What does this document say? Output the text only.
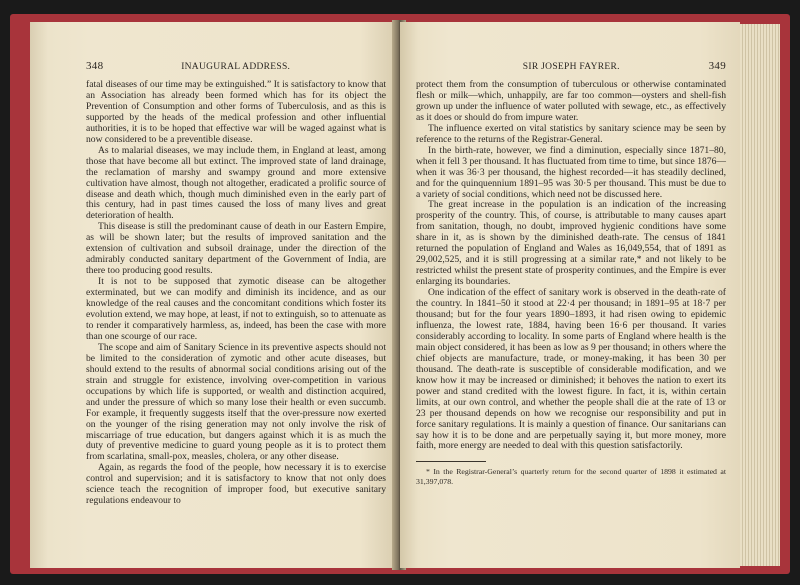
348	INAUGURAL ADDRESS.

fatal diseases of our time may be extinguished.” It is satisfactory to know that an Association has already been formed which has for its object the Prevention of Consumption and other forms of Tuberculosis, and as this is supported by the heads of the medical profession and other influential authorities, it is to be hoped that effective war will be waged against what is now considered to be a preventible disease.

As to malarial diseases, we may include them, in England at least, among those that have become all but extinct. The improved state of land drainage, the reclamation of marshy and swampy ground and more extensive cultivation have almost, though not altogether, eradicated a prolific source of disease and death which, though much diminished even in the early part of this century, had in past times caused the loss of many lives and great deterioration of health.

This disease is still the predominant cause of death in our Eastern Empire, as will be shown later; but the results of improved sanitation and the extension of cultivation and subsoil drainage, under the direction of the admirably conducted sanitary department of the Government of India, are there too producing good results.

It is not to be supposed that zymotic disease can be altogether exterminated, but we can modify and diminish its incidence, and as our knowledge of the real causes and the concomitant conditions which foster its evolution extend, we may hope, at least, if not to extinguish, so to attenuate as to render it comparatively harmless, as, indeed, has been the case with more than one scourge of our race.

The scope and aim of Sanitary Science in its preventive aspects should not be limited to the consideration of zymotic and other acute diseases, but should extend to the results of abnormal social conditions arising out of the strain and struggle for existence, involving over-competition in various occupations by which life is supported, or wealth and distinction acquired, and under the pressure of which so many lose their health or even succumb. For example, it frequently suggests itself that the over-pressure now exerted on the younger of the rising generation may not only involve the risk of miscarriage of true education, but dangers against which it is as much the duty of preventive medicine to guard young people as it is to protect them from scarlatina, small-pox, measles, cholera, or any other disease.

Again, as regards the food of the people, how necessary it is to exercise control and supervision; and it is satisfactory to know that not only does science teach the recognition of improper food, but executive sanitary regulations endeavour to

SIR JOSEPH FAYRER.	349

protect them from the consumption of tuberculous or otherwise contaminated flesh or milk—which, unhappily, are far too common—oysters and shell-fish grown up under the influence of water polluted with sewage, etc., as effectively as it does or should do from impure water.

The influence exerted on vital statistics by sanitary science may be seen by reference to the returns of the Registrar-General.

In the birth-rate, however, we find a diminution, especially since 1871–80, when it fell 3 per thousand. It has fluctuated from time to time, but since 1876—when it was 36·3 per thousand, the highest recorded—it has steadily declined, and for the quinquennium 1891–95 was 30·5 per thousand. This must be due to a variety of social conditions, which need not be discussed here.

The great increase in the population is an indication of the increasing prosperity of the country. This, of course, is attributable to many causes apart from sanitation, though, no doubt, improved hygienic conditions have some share in it, as is shown by the diminished death-rate. The census of 1841 returned the population of England and Wales as 16,049,554, that of 1891 as 29,002,525, and it is still progressing at a similar rate,* and not likely to be restricted whilst the present state of prosperity continues, and the Empire is ever enlarging its boundaries.

One indication of the effect of sanitary work is observed in the death-rate of the country. In 1841–50 it stood at 22·4 per thousand; in 1891–95 at 18·7 per thousand; but for the four years 1890–1893, it had risen owing to epidemic influenza, the lowest rate, 1884, having been 16·6 per thousand. It varies considerably according to locality. In some parts of England where health is the main object considered, it has been as low as 9 per thousand; in others where the chief objects are manufacture, trade, or money-making, it has been 30 per thousand. The death-rate is susceptible of considerable modification, and we know how it may be increased or diminished; it behoves the nation to exert its power and stand credited with the lowest figure. In fact, it is, within certain limits, at our own control, and whether the people shall die at the rate of 13 or 23 per thousand depends on how we recognise our responsibility and put in force sanitary regulations. It is mainly a question of finance. Our sanitarians can say how it is to be done and are perpetually saying it, but more money, more faith, more energy are needed to deal with this question satisfactorily.

* In the Registrar-General’s quarterly return for the second quarter of 1898 it estimated at 31,397,078.
